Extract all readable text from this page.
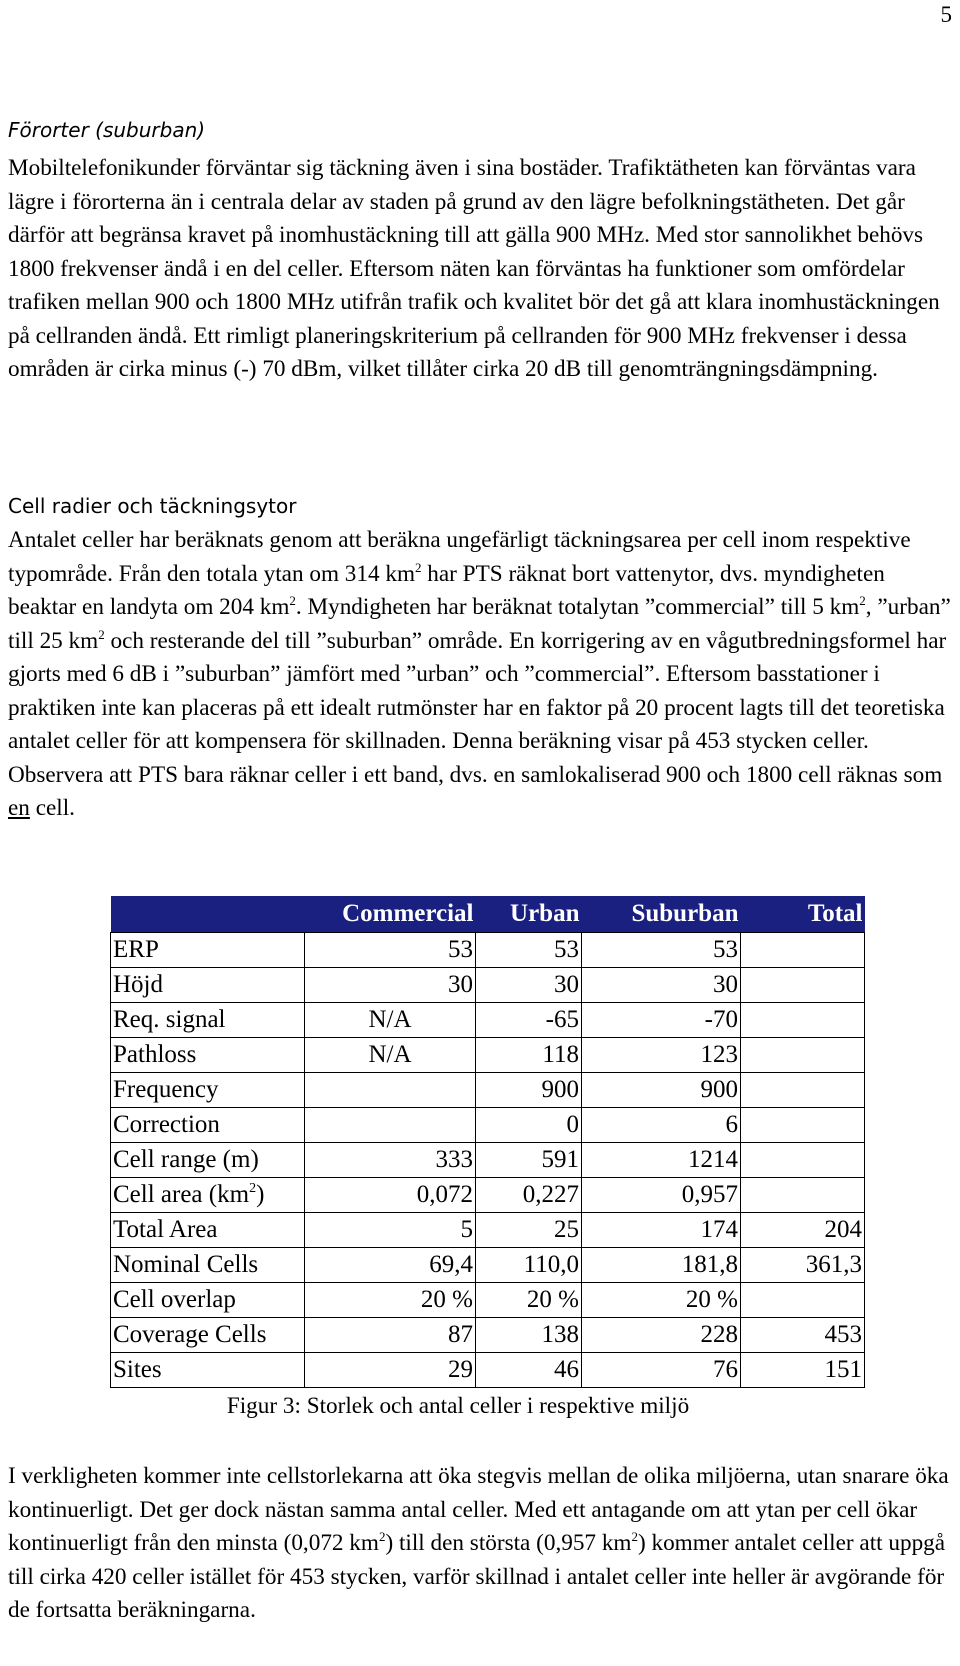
5
Förorter (suburban)

Mobiltelefonikunder förväntar sig täckning även i sina bostäder. Trafiktätheten kan förväntas vara lägre i förorterna än i centrala delar av staden på grund av den lägre befolkningstätheten. Det går därför att begränsa kravet på inomhustäckning till att gälla 900 MHz. Med stor sannolikhet behövs 1800 frekvenser ändå i en del celler. Eftersom näten kan förväntas ha funktioner som omfördelar trafiken mellan 900 och 1800 MHz utifrån trafik och kvalitet bör det gå att klara inomhustäckningen på cellranden ändå. Ett rimligt planeringskriterium på cellranden för 900 MHz frekvenser i dessa områden är cirka minus (-) 70 dBm, vilket tillåter cirka 20 dB till genomträngningsdämpning.

Cell radier och täckningsytor

Antalet celler har beräknats genom att beräkna ungefärligt täckningsarea per cell inom respektive typområde. Från den totala ytan om 314 $km^2$ har PTS räknat bort vattenytor, dvs. myndigheten beaktar en landyta om 204 $km^2$. Myndigheten har beräknat totalytan ”commercial” till 5 $km^2$, ”urban” till 25 $km^2$ och resterande del till ”suburban” område. En korrigering av en vågutbredningsformel har gjorts med 6 dB i ”suburban” jämfört med ”urban” och ”commercial”. Eftersom basstationer i praktiken inte kan placeras på ett idealt rutmönster har en faktor på 20 procent lagts till det teoretiska antalet celler för att kompensera för skillnaden. Denna beräkning visar på 453 stycken celler. Observera att PTS bara räknar celler i ett band, dvs. en samlokaliserad 900 och 1800 cell räknas som en cell.

	Commercial	Urban	Suburban	Total
ERP	53	53	53	
Höjd	30	30	30	
Req. signal	N/A	-65	-70	
Pathloss	N/A	118	123	
Frequency		900	900	
Correction		0	6	
Cell range (m)	333	591	1214	
Cell area $(km^2)$	0,072	0,227	0,957	
Total Area	5	25	174	204
Nominal Cells	69,4	110,0	181,8	361,3
Cell overlap	20 %	20 %	20 %	
Coverage Cells	87	138	228	453
Sites	29	46	76	151
Figur 3: Storlek och antal celler i respektive miljö

I verkligheten kommer inte cellstorlekarna att öka stegvis mellan de olika miljöerna, utan snarare öka kontinuerligt. Det ger dock nästan samma antal celler. Med ett antagande om att ytan per cell ökar kontinuerligt från den minsta (0,072 $km^2$) till den största (0,957 $km^2$) kommer antalet celler att uppgå till cirka 420 celler istället för 453 stycken, varför skillnad i antalet celler inte heller är avgörande för de fortsatta beräkningarna.
